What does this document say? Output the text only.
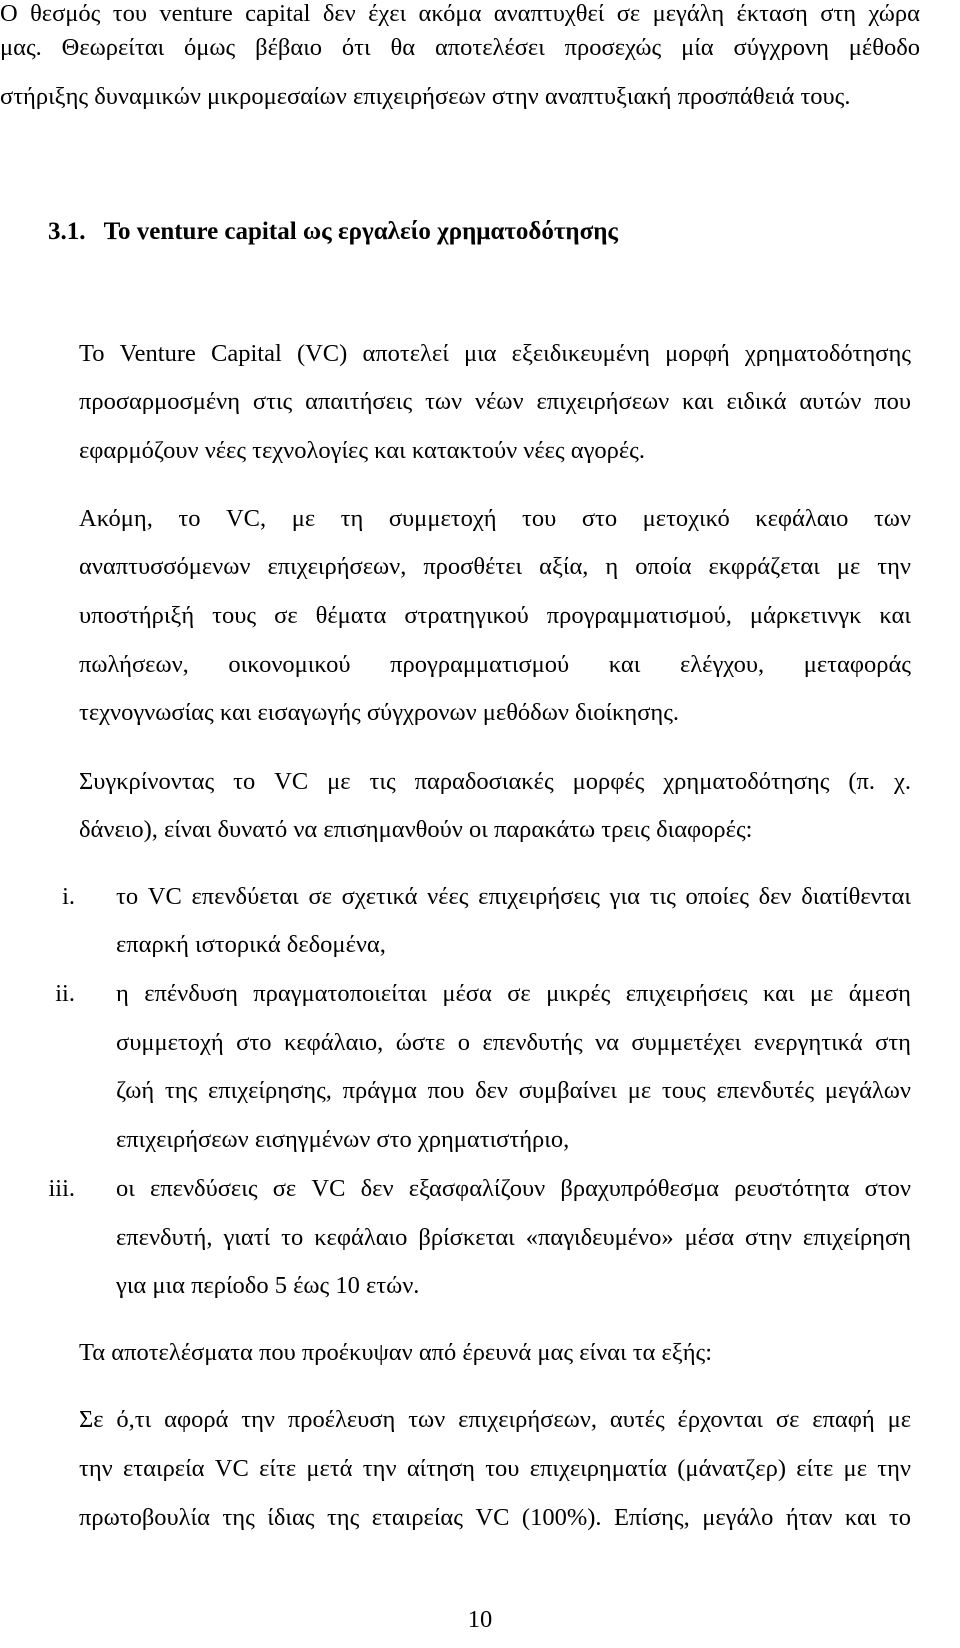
Ο θεσμός του venture capital δεν έχει ακόμα αναπτυχθεί σε μεγάλη έκταση στη χώρα
μας. Θεωρείται όμως βέβαιο ότι θα αποτελέσει προσεχώς μία σύγχρονη μέθοδο
στήριξης δυναμικών μικρομεσαίων επιχειρήσεων στην αναπτυξιακή προσπάθειά τους.
3.1. Το venture capital ως εργαλείο χρηματοδότησης
Το Venture Capital (VC) αποτελεί μια εξειδικευμένη μορφή χρηματοδότησης
προσαρμοσμένη στις απαιτήσεις των νέων επιχειρήσεων και ειδικά αυτών που
εφαρμόζουν νέες τεχνολογίες και κατακτούν νέες αγορές.
Ακόμη, το VC, με τη συμμετοχή του στο μετοχικό κεφάλαιο των
αναπτυσσόμενων επιχειρήσεων, προσθέτει αξία, η οποία εκφράζεται με την
υποστήριξή τους σε θέματα στρατηγικού προγραμματισμού, μάρκετινγκ και
πωλήσεων, οικονομικού προγραμματισμού και ελέγχου, μεταφοράς
τεχνογνωσίας και εισαγωγής σύγχρονων μεθόδων διοίκησης.
Συγκρίνοντας το VC με τις παραδοσιακές μορφές χρηματοδότησης (π. χ.
δάνειο), είναι δυνατό να επισημανθούν οι παρακάτω τρεις διαφορές:
i. το VC επενδύεται σε σχετικά νέες επιχειρήσεις για τις οποίες δεν διατίθενται
επαρκή ιστορικά δεδομένα,
ii. η επένδυση πραγματοποιείται μέσα σε μικρές επιχειρήσεις και με άμεση
συμμετοχή στο κεφάλαιο, ώστε ο επενδυτής να συμμετέχει ενεργητικά στη
ζωή της επιχείρησης, πράγμα που δεν συμβαίνει με τους επενδυτές μεγάλων
επιχειρήσεων εισηγμένων στο χρηματιστήριο,
iii. οι επενδύσεις σε VC δεν εξασφαλίζουν βραχυπρόθεσμα ρευστότητα στον
επενδυτή, γιατί το κεφάλαιο βρίσκεται «παγιδευμένο» μέσα στην επιχείρηση
για μια περίοδο 5 έως 10 ετών.
Τα αποτελέσματα που προέκυψαν από έρευνά μας είναι τα εξής:
Σε ό,τι αφορά την προέλευση των επιχειρήσεων, αυτές έρχονται σε επαφή με
την εταιρεία VC είτε μετά την αίτηση του επιχειρηματία (μάνατζερ) είτε με την
πρωτοβουλία της ίδιας της εταιρείας VC (100%). Επίσης, μεγάλο ήταν και το
10
